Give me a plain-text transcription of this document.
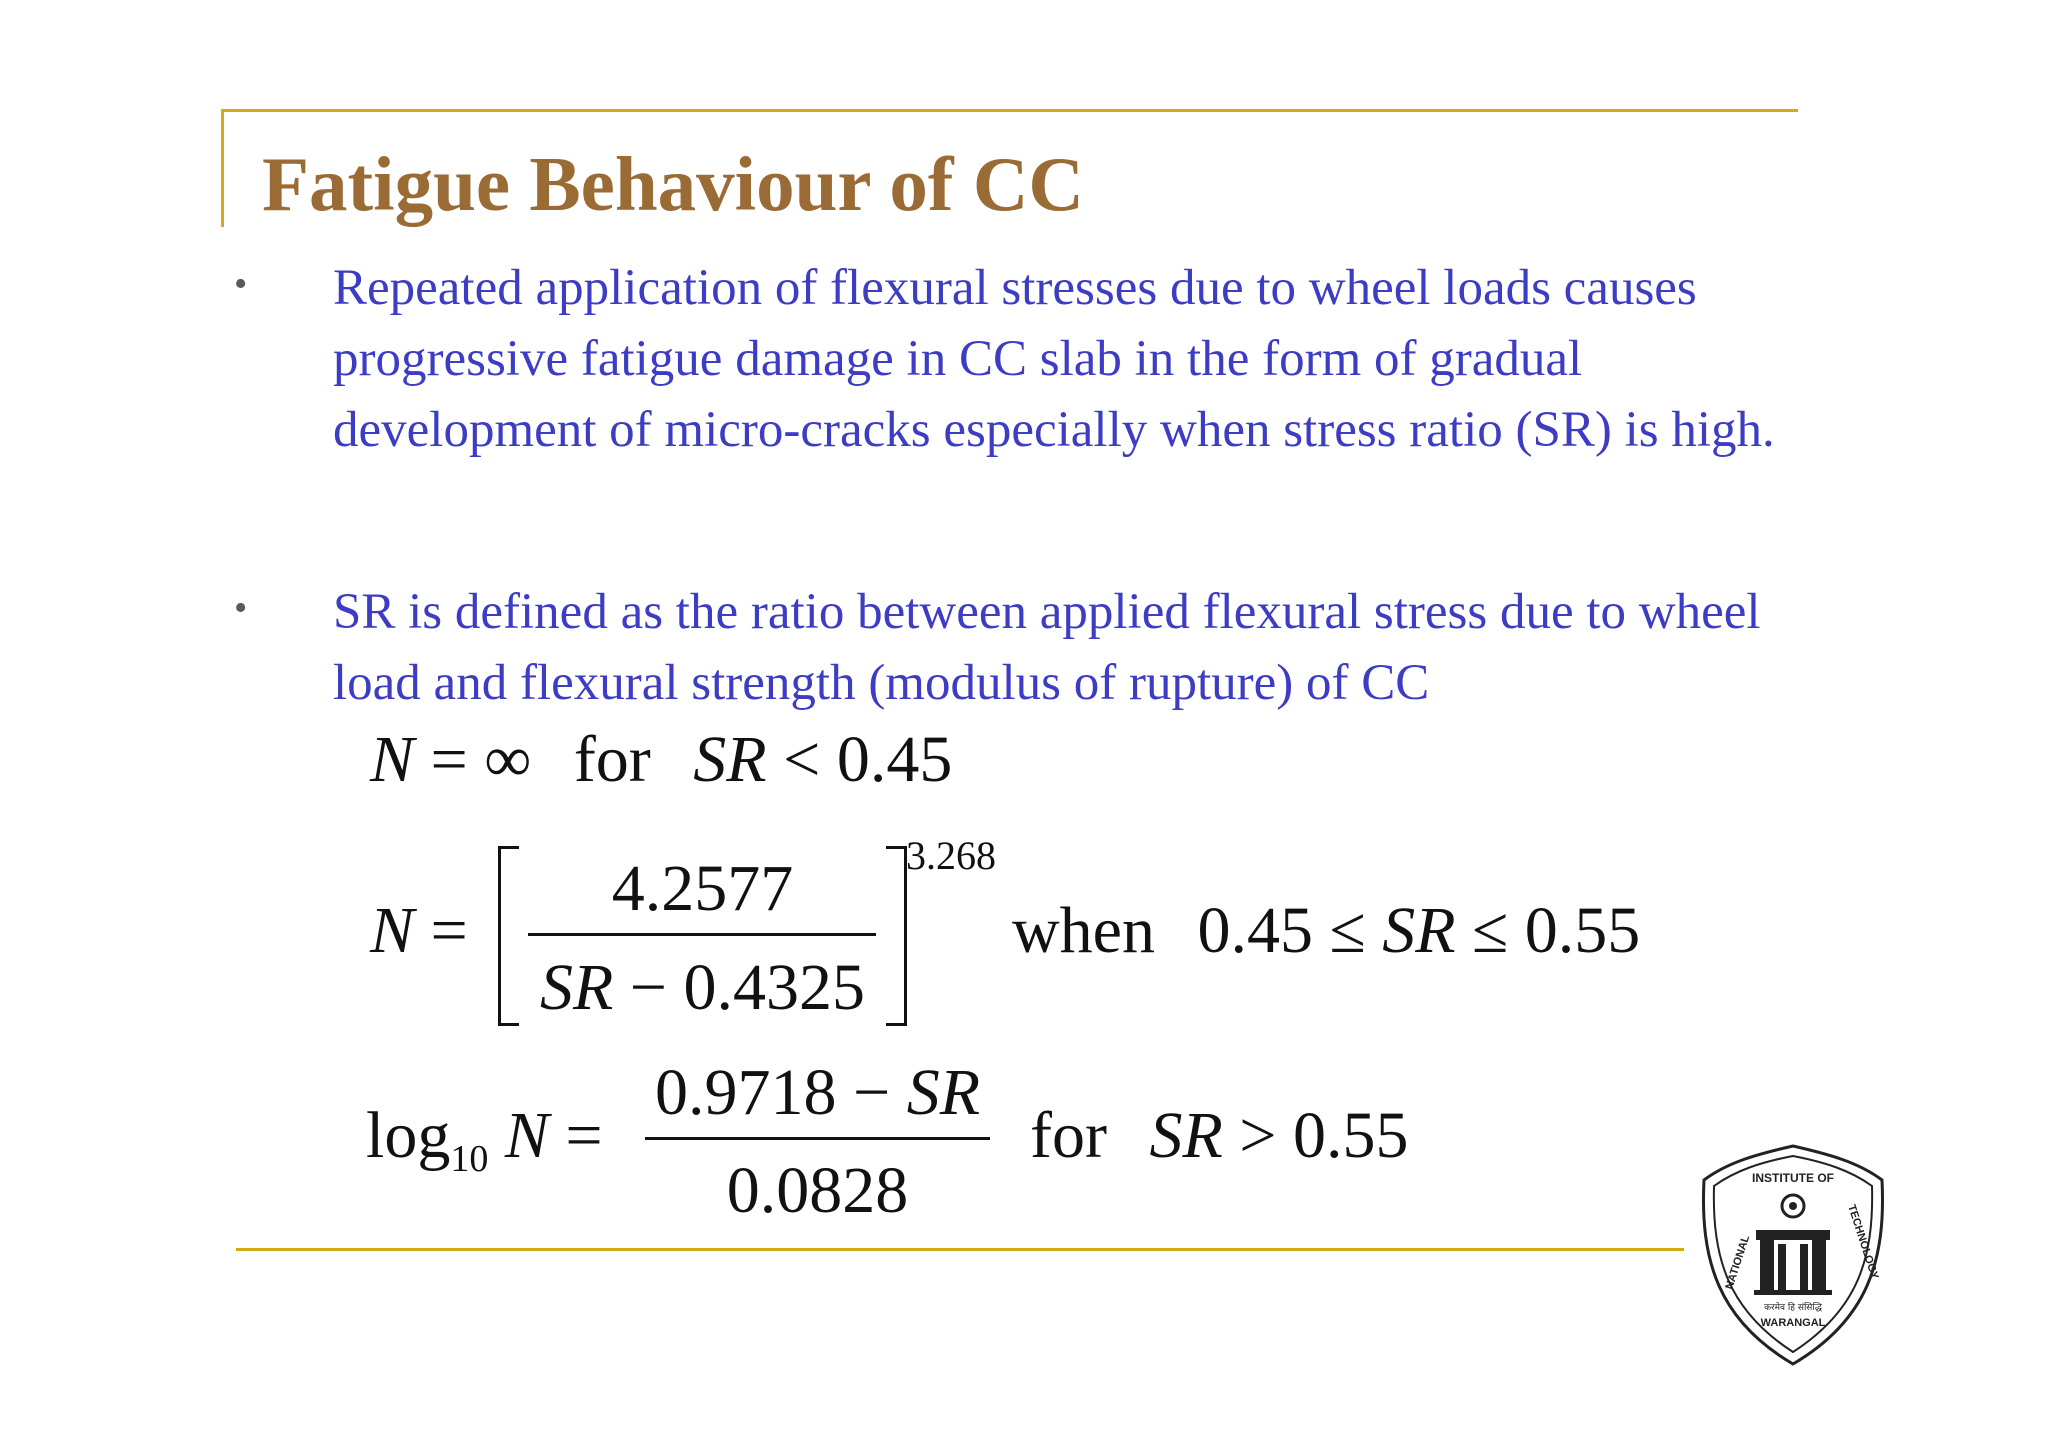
Fatigue Behaviour of CC
• Repeated application of flexural stresses due to wheel loads causes progressive fatigue damage in CC slab in the form of gradual development of micro-cracks especially when stress ratio (SR) is high.

• SR is defined as the ratio between applied flexural stress due to wheel load and flexural strength (modulus of rupture) of CC

N = ∞ for SR < 0.45
N =
4.2577
SR − 0.4325
3.268
when 0.45 ≤ SR ≤ 0.55
$\log_{10} N$ =
0.9718 − SR
0.0828
for SR > 0.55
INSTITUTE OF
NATIONAL	TECHNOLOGY
करमेव हि संसिद्धि
WARANGAL
